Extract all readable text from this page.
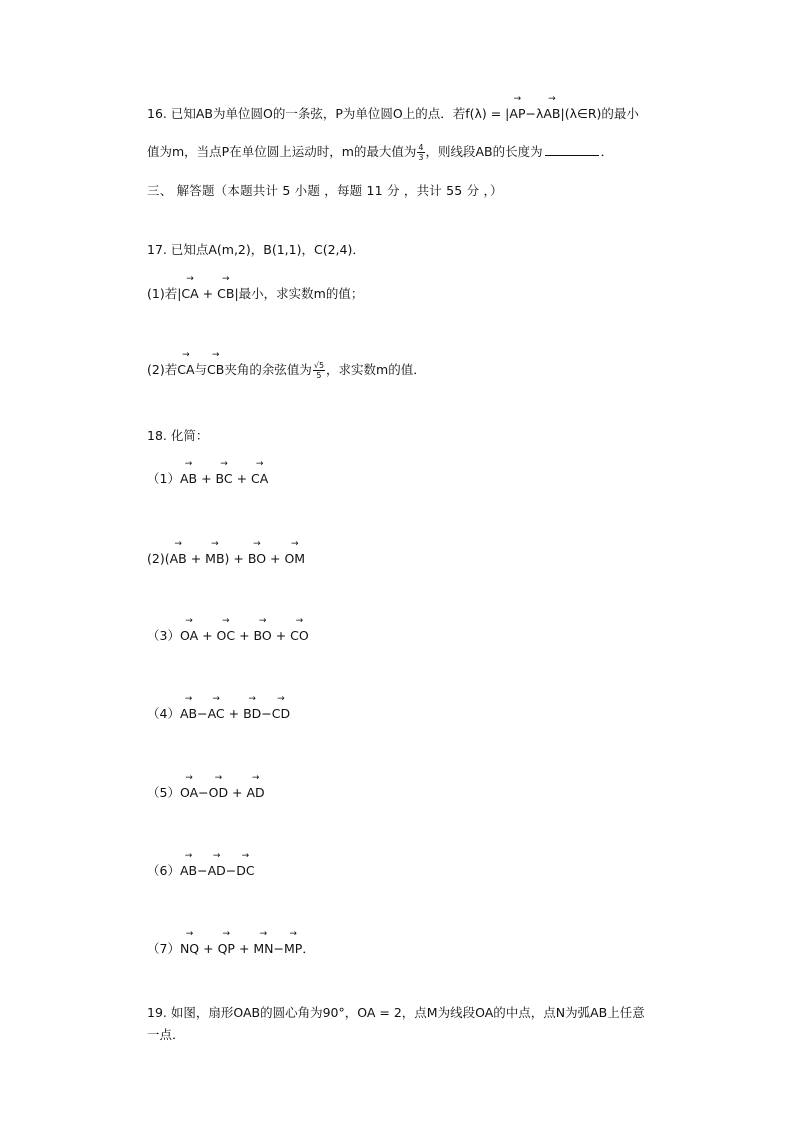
16. 已知AB为单位圆O的一条弦，P为单位圆O上的点．若f(λ) = |→ AP−λ→ AB|(λ∈R)的最小
值为m，当点P在单位圆上运动时，m的最大值为 $\frac{4}{3}$ ，则线段AB的长度为	．
三、 解答题（本题共计 5 小题 ，每题 11 分 ，共计 55 分 ，）
17. 已知点A(m,2)，B(1,1)，C(2,4)．
(1)若|→ CA + → CB|最小，求实数m的值；
(2)若→ CA与→ CB夹角的余弦值为 $\frac{√5}{5}$ ，求实数m的值．
18. 化简：
（1）→ AB + → BC + → CA
(2)(→ AB + → MB) + → BO + → OM
（3）→ OA + → OC + → BO + → CO
（4）→ AB−→ AC + → BD−→ CD
（5）→ OA−→ OD + → AD
（6）→ AB−→ AD−→ DC
（7）→ NQ + → QP + → MN−→ MP．
19. 如图，扇形OAB的圆心角为90°，OA = 2，点M为线段OA的中点，点N为弧AB上任意
一点．
